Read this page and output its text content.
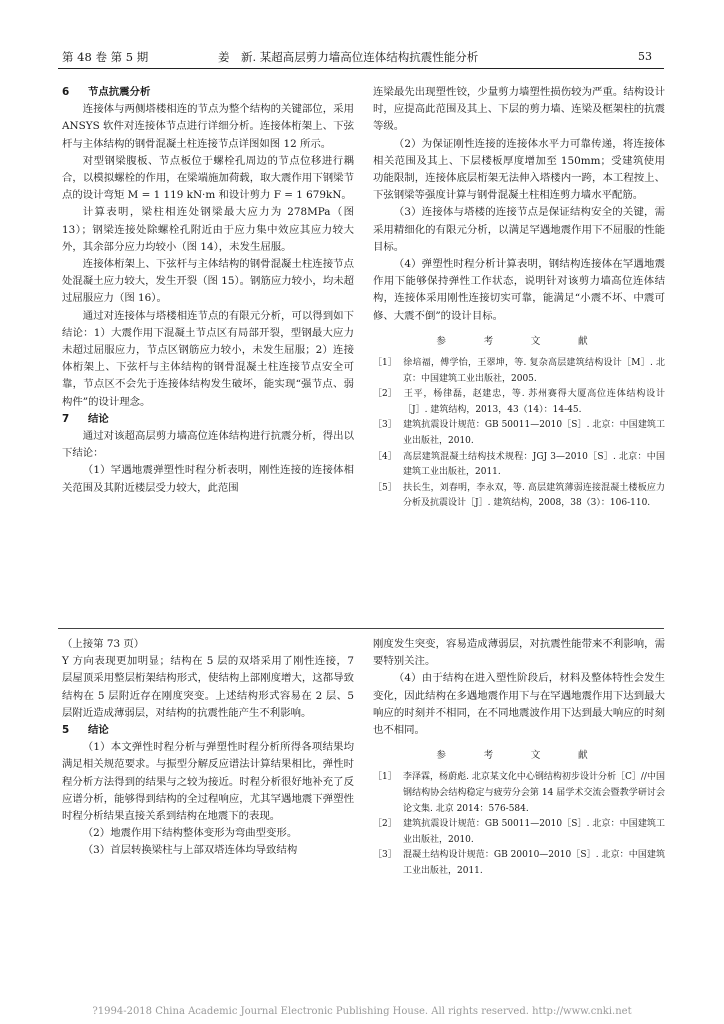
第 48 卷 第 5 期	姜　新. 某超高层剪力墙高位连体结构抗震性能分析	53
6 节点抗震分析

连接体与两侧塔楼相连的节点为整个结构的关键部位，采用 ANSYS 软件对连接体节点进行详细分析。连接体桁架上、下弦杆与主体结构的钢骨混凝土柱连接节点详图如图 12 所示。

对型钢梁腹板、节点板位于螺栓孔周边的节点位移进行耦合，以模拟螺栓的作用，在梁端施加荷载，取大震作用下钢梁节点的设计弯矩 M = 1 119 kN·m 和设计剪力 F = 1 679kN。

计算表明，梁柱相连处钢梁最大应力为 278MPa（图 13）；钢梁连接处除螺栓孔附近由于应力集中效应其应力较大外，其余部分应力均较小（图 14），未发生屈服。

连接体桁架上、下弦杆与主体结构的钢骨混凝土柱连接节点处混凝土应力较大，发生开裂（图 15）。钢筋应力较小，均未超过屈服应力（图 16）。

通过对连接体与塔楼相连节点的有限元分析，可以得到如下结论：1）大震作用下混凝土节点区有局部开裂，型钢最大应力未超过屈服应力，节点区钢筋应力较小，未发生屈服；2）连接体桁架上、下弦杆与主体结构的钢骨混凝土柱连接节点安全可靠，节点区不会先于连接体结构发生破坏，能实现“强节点、弱构件”的设计理念。

7 结论

通过对该超高层剪力墙高位连体结构进行抗震分析，得出以下结论：

（1）罕遇地震弹塑性时程分析表明，刚性连接的连接体相关范围及其附近楼层受力较大，此范围

连梁最先出现塑性铰，少量剪力墙塑性损伤较为严重。结构设计时，应提高此范围及其上、下层的剪力墙、连梁及框架柱的抗震等级。

（2）为保证刚性连接的连接体水平力可靠传递，将连接体相关范围及其上、下层楼板厚度增加至 150mm；受建筑使用功能限制，连接体底层桁架无法伸入塔楼内一跨，本工程按上、下弦钢梁等强度计算与钢骨混凝土柱相连剪力墙水平配筋。

（3）连接体与塔楼的连接节点是保证结构安全的关键，需采用精细化的有限元分析，以满足罕遇地震作用下不屈服的性能目标。

（4）弹塑性时程分析计算表明，钢结构连接体在罕遇地震作用下能够保持弹性工作状态，说明针对该剪力墙高位连体结构，连接体采用刚性连接切实可靠，能满足“小震不坏、中震可修、大震不倒”的设计目标。

参　考　文　献

［1］ 徐培福，傅学怡，王翠坤，等. 复杂高层建筑结构设计［M］. 北京：中国建筑工业出版社，2005.

［2］ 王平，杨律磊，赵建忠，等. 苏州赛得大厦高位连体结构设计［J］. 建筑结构，2013，43（14）：14-45.

［3］ 建筑抗震设计规范：GB 50011—2010［S］. 北京：中国建筑工业出版社，2010.

［4］ 高层建筑混凝土结构技术规程：JGJ 3—2010［S］. 北京：中国建筑工业出版社，2011.

［5］ 扶长生，刘春明，李永双，等. 高层建筑薄弱连接混凝土楼板应力分析及抗震设计［J］. 建筑结构，2008，38（3）：106-110.

（上接第 73 页）

Y 方向表现更加明显；结构在 5 层的双塔采用了刚性连接，7 层屋顶采用整层桁架结构形式，使结构上部刚度增大，这都导致结构在 5 层附近存在刚度突变。上述结构形式容易在 2 层、5 层附近造成薄弱层，对结构的抗震性能产生不利影响。

5 结论

（1）本文弹性时程分析与弹塑性时程分析所得各项结果均满足相关规范要求。与振型分解反应谱法计算结果相比，弹性时程分析方法得到的结果与之较为接近。时程分析很好地补充了反应谱分析，能够得到结构的全过程响应，尤其罕遇地震下弹塑性时程分析结果直接关系到结构在地震下的表现。

（2）地震作用下结构整体变形为弯曲型变形。

（3）首层转换梁柱与上部双塔连体均导致结构

刚度发生突变，容易造成薄弱层，对抗震性能带来不利影响，需要特别关注。

（4）由于结构在进入塑性阶段后，材料及整体特性会发生变化，因此结构在多遇地震作用下与在罕遇地震作用下达到最大响应的时刻并不相同，在不同地震波作用下达到最大响应的时刻也不相同。

参　考　文　献

［1］ 李泽霖，杨蔚彪. 北京某文化中心钢结构初步设计分析［C］//中国钢结构协会结构稳定与疲劳分会第 14 届学术交流会暨教学研讨会论文集. 北京 2014：576-584.

［2］ 建筑抗震设计规范：GB 50011—2010［S］. 北京：中国建筑工业出版社，2010.

［3］ 混凝土结构设计规范：GB 20010—2010［S］. 北京：中国建筑工业出版社，2011.

?1994-2018 China Academic Journal Electronic Publishing House. All rights reserved. http://www.cnki.net
